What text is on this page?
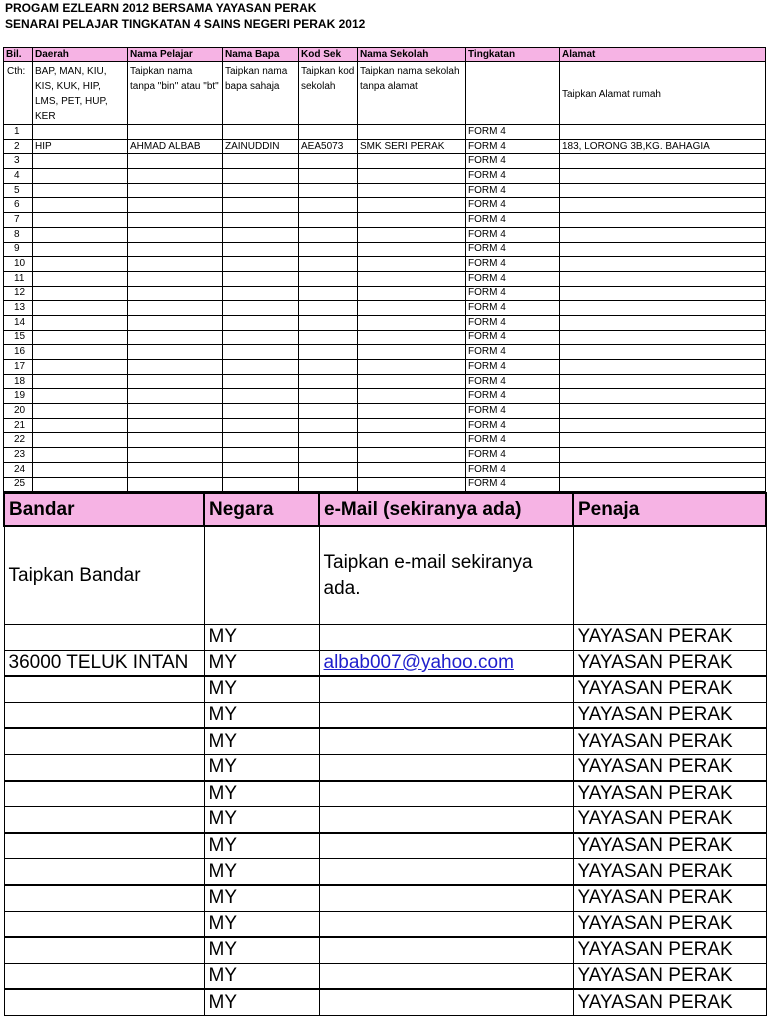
PROGAM EZLEARN 2012 BERSAMA YAYASAN PERAK
SENARAI PELAJAR TINGKATAN 4 SAINS NEGERI PERAK 2012
Bil.	Daerah	Nama Pelajar	Nama Bapa	Kod Sek	Nama Sekolah	Tingkatan	Alamat
Cth:	BAP, MAN, KIU, KIS, KUK, HIP, LMS, PET, HUP, KER	Taipkan nama tanpa "bin" atau "bt"	Taipkan nama bapa sahaja	Taipkan kod sekolah	Taipkan nama sekolah tanpa alamat		Taipkan Alamat rumah
1						FORM 4	
2	HIP	AHMAD ALBAB	ZAINUDDIN	AEA5073	SMK SERI PERAK	FORM 4	183, LORONG 3B,KG. BAHAGIA
3						FORM 4	
4						FORM 4	
5						FORM 4	
6						FORM 4	
7						FORM 4	
8						FORM 4	
9						FORM 4	
10						FORM 4	
11						FORM 4	
12						FORM 4	
13						FORM 4	
14						FORM 4	
15						FORM 4	
16						FORM 4	
17						FORM 4	
18						FORM 4	
19						FORM 4	
20						FORM 4	
21						FORM 4	
22						FORM 4	
23						FORM 4	
24						FORM 4	
25						FORM 4	
Bandar	Negara	e-Mail (sekiranya ada)	Penaja
Taipkan Bandar		Taipkan e-mail sekiranya ada.	
	MY		YAYASAN PERAK
36000 TELUK INTAN	MY	albab007@yahoo.com	YAYASAN PERAK
	MY		YAYASAN PERAK
	MY		YAYASAN PERAK
	MY		YAYASAN PERAK
	MY		YAYASAN PERAK
	MY		YAYASAN PERAK
	MY		YAYASAN PERAK
	MY		YAYASAN PERAK
	MY		YAYASAN PERAK
	MY		YAYASAN PERAK
	MY		YAYASAN PERAK
	MY		YAYASAN PERAK
	MY		YAYASAN PERAK
	MY		YAYASAN PERAK
